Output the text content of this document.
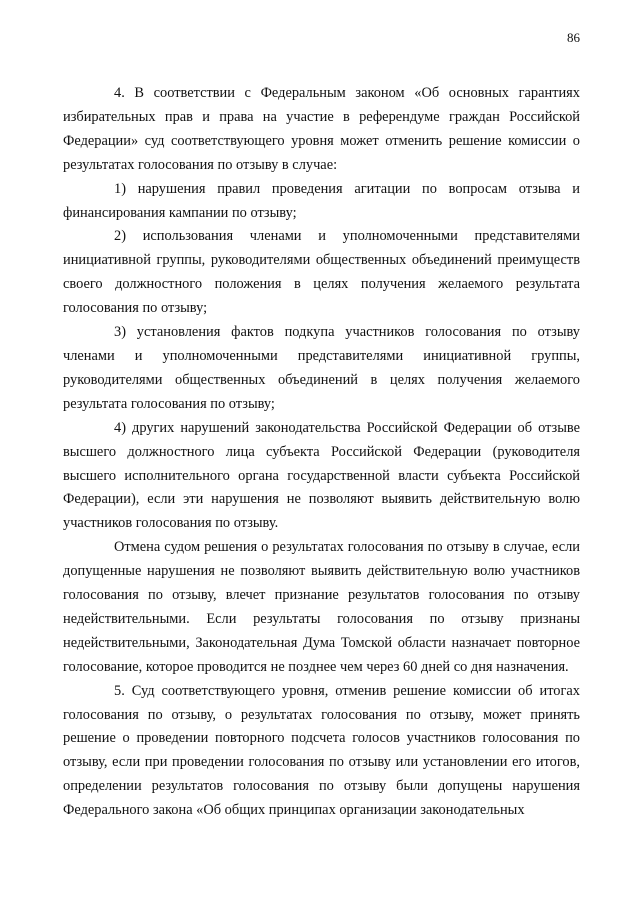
86

4. В соответствии с Федеральным законом «Об основных гарантиях избирательных прав и права на участие в референдуме граждан Российской Федерации» суд соответствующего уровня может отменить решение комиссии о результатах голосования по отзыву в случае:

1) нарушения правил проведения агитации по вопросам отзыва и финансирования кампании по отзыву;

2) использования членами и уполномоченными представителями инициативной группы, руководителями общественных объединений преимуществ своего должностного положения в целях получения желаемого результата голосования по отзыву;

3) установления фактов подкупа участников голосования по отзыву членами и уполномоченными представителями инициативной группы, руководителями общественных объединений в целях получения желаемого результата голосования по отзыву;

4) других нарушений законодательства Российской Федерации об отзыве высшего должностного лица субъекта Российской Федерации (руководителя высшего исполнительного органа государственной власти субъекта Российской Федерации), если эти нарушения не позволяют выявить действительную волю участников голосования по отзыву.

Отмена судом решения о результатах голосования по отзыву в случае, если допущенные нарушения не позволяют выявить действительную волю участников голосования по отзыву, влечет признание результатов голосования по отзыву недействительными. Если результаты голосования по отзыву признаны недействительными, Законодательная Дума Томской области назначает повторное голосование, которое проводится не позднее чем через 60 дней со дня назначения.

5. Суд соответствующего уровня, отменив решение комиссии об итогах голосования по отзыву, о результатах голосования по отзыву, может принять решение о проведении повторного подсчета голосов участников голосования по отзыву, если при проведении голосования по отзыву или установлении его итогов, определении результатов голосования по отзыву были допущены нарушения Федерального закона «Об общих принципах организации законодательных
